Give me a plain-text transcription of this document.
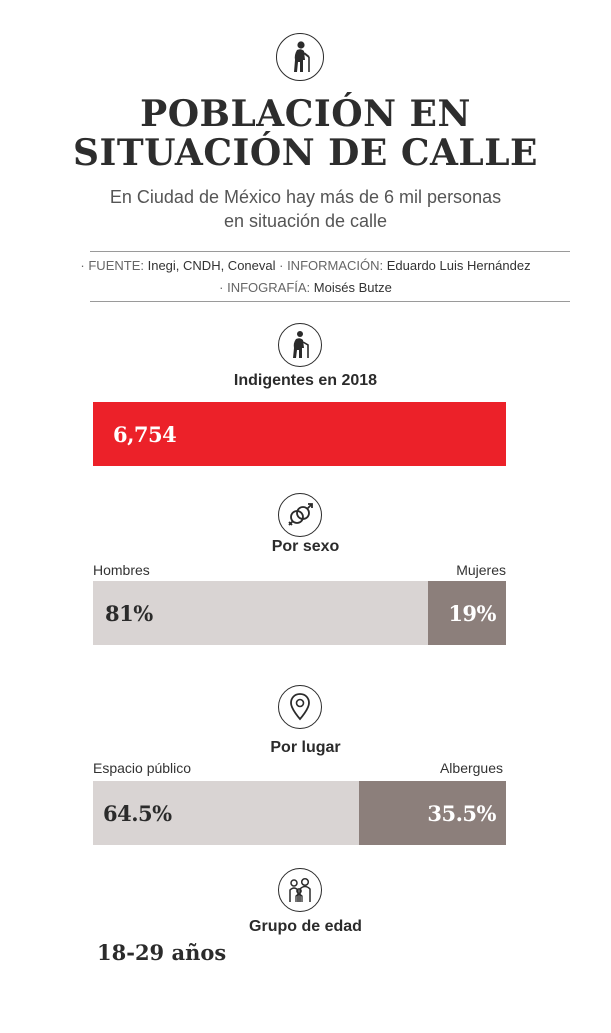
POBLACIÓN EN
SITUACIÓN DE CALLE
En Ciudad de México hay más de 6 mil personas
en situación de calle
· FUENTE: Inegi, CNDH, Coneval · INFORMACIÓN: Eduardo Luis Hernández
· INFOGRAFÍA: Moisés Butze
Indigentes en 2018
6,754
Por sexo
Hombres	Mujeres
81%	19%
Por lugar
Espacio público	Albergues
64.5%	35.5%
Grupo de edad
18-29 años
